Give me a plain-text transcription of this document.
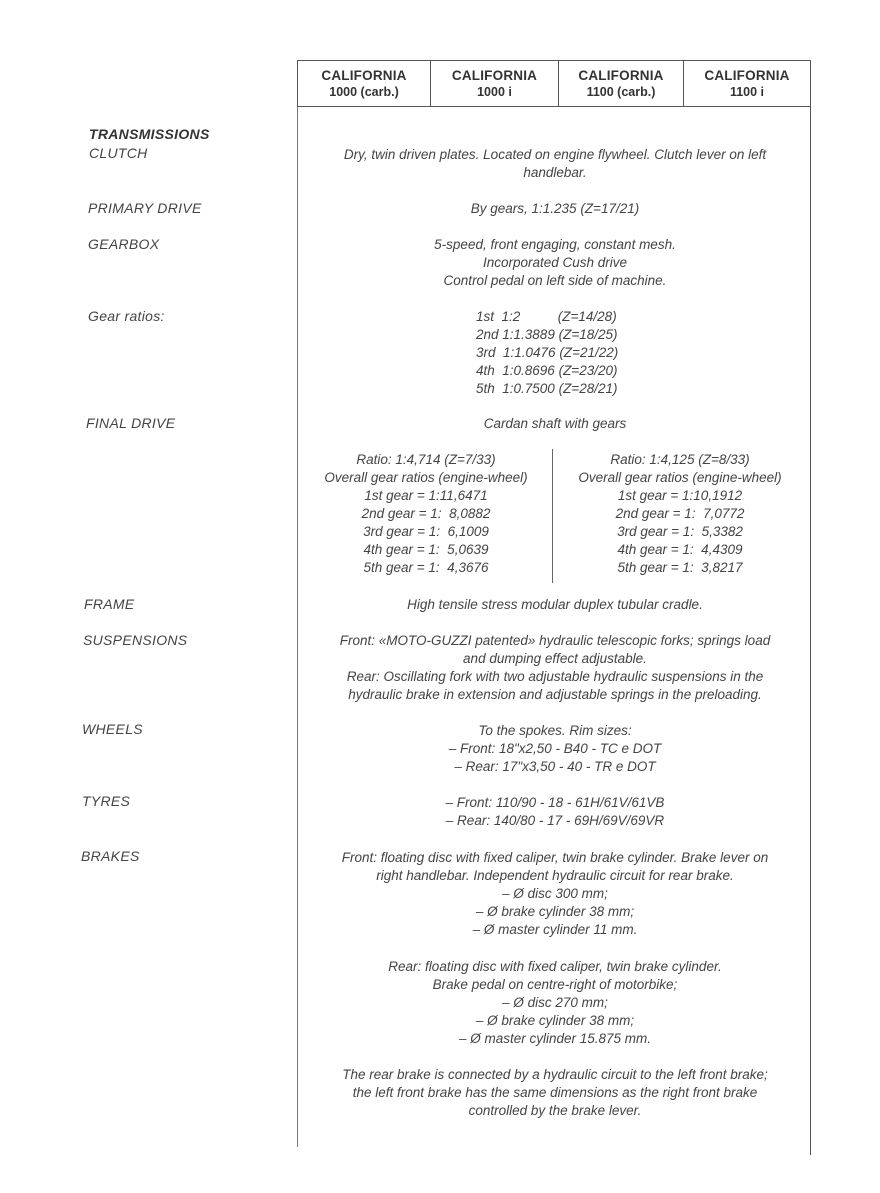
CALIFORNIA
1000 (carb.)
CALIFORNIA
1000 i
CALIFORNIA
1100 (carb.)
CALIFORNIA
1100 i
TRANSMISSIONS
CLUTCH
PRIMARY DRIVE
GEARBOX
Gear ratios:
FINAL DRIVE
FRAME
SUSPENSIONS
WHEELS
TYRES
BRAKES
Dry, twin driven plates. Located on engine flywheel. Clutch lever on left
handlebar.
By gears, 1:1.235 (Z=17/21)
5-speed, front engaging, constant mesh.
Incorporated Cush drive
Control pedal on left side of machine.
1st  1:2          (Z=14/28)
2nd 1:1.3889 (Z=18/25)
3rd  1:1.0476 (Z=21/22)
4th  1:0.8696 (Z=23/20)
5th  1:0.7500 (Z=28/21)
Cardan shaft with gears
Ratio: 1:4,714 (Z=7/33)
Overall gear ratios (engine-wheel)
1st gear = 1:11,6471
2nd gear = 1:  8,0882
3rd gear = 1:  6,1009
4th gear = 1:  5,0639
5th gear = 1:  4,3676
Ratio: 1:4,125 (Z=8/33)
Overall gear ratios (engine-wheel)
1st gear = 1:10,1912
2nd gear = 1:  7,0772
3rd gear = 1:  5,3382
4th gear = 1:  4,4309
5th gear = 1:  3,8217
High tensile stress modular duplex tubular cradle.
Front: «MOTO-GUZZI patented» hydraulic telescopic forks; springs load
and dumping effect adjustable.
Rear: Oscillating fork with two adjustable hydraulic suspensions in the
hydraulic brake in extension and adjustable springs in the preloading.
To the spokes. Rim sizes:
– Front: 18"x2,50 - B40 - TC e DOT
– Rear: 17"x3,50 - 40 - TR e DOT
– Front: 110/90 - 18 - 61H/61V/61VB
– Rear: 140/80 - 17 - 69H/69V/69VR
Front: floating disc with fixed caliper, twin brake cylinder. Brake lever on
right handlebar. Independent hydraulic circuit for rear brake.
– Ø disc 300 mm;
– Ø brake cylinder 38 mm;
– Ø master cylinder 11 mm.
Rear: floating disc with fixed caliper, twin brake cylinder.
Brake pedal on centre-right of motorbike;
– Ø disc 270 mm;
– Ø brake cylinder 38 mm;
– Ø master cylinder 15.875 mm.
The rear brake is connected by a hydraulic circuit to the left front brake;
the left front brake has the same dimensions as the right front brake
controlled by the brake lever.
